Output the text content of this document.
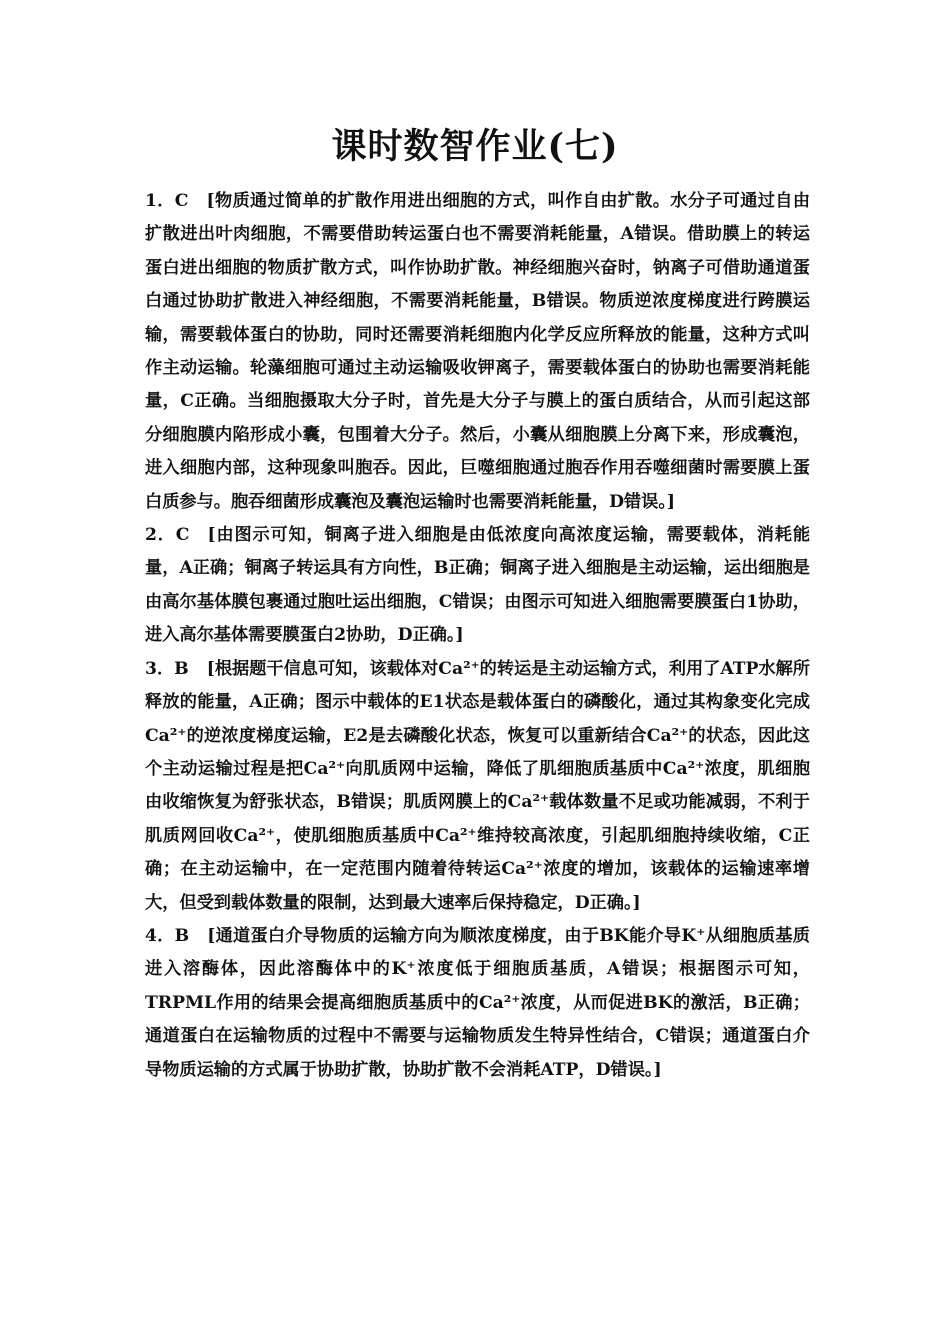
课时数智作业(七)

1．C [物质通过简单的扩散作用进出细胞的方式，叫作自由扩散。水分子可通过自由扩散进出叶肉细胞，不需要借助转运蛋白也不需要消耗能量，A错误。借助膜上的转运蛋白进出细胞的物质扩散方式，叫作协助扩散。神经细胞兴奋时，钠离子可借助通道蛋白通过协助扩散进入神经细胞，不需要消耗能量，B错误。物质逆浓度梯度进行跨膜运输，需要载体蛋白的协助，同时还需要消耗细胞内化学反应所释放的能量，这种方式叫作主动运输。轮藻细胞可通过主动运输吸收钾离子，需要载体蛋白的协助也需要消耗能量，C正确。当细胞摄取大分子时，首先是大分子与膜上的蛋白质结合，从而引起这部分细胞膜内陷形成小囊，包围着大分子。然后，小囊从细胞膜上分离下来，形成囊泡，进入细胞内部，这种现象叫胞吞。因此，巨噬细胞通过胞吞作用吞噬细菌时需要膜上蛋白质参与。胞吞细菌形成囊泡及囊泡运输时也需要消耗能量，D错误。]

2．C [由图示可知，铜离子进入细胞是由低浓度向高浓度运输，需要载体，消耗能量，A正确；铜离子转运具有方向性，B正确；铜离子进入细胞是主动运输，运出细胞是由高尔基体膜包裹通过胞吐运出细胞，C错误；由图示可知进入细胞需要膜蛋白1协助，进入高尔基体需要膜蛋白2协助，D正确。]

3．B [根据题干信息可知，该载体对Ca²⁺的转运是主动运输方式，利用了ATP水解所释放的能量，A正确；图示中载体的E1状态是载体蛋白的磷酸化，通过其构象变化完成Ca²⁺的逆浓度梯度运输，E2是去磷酸化状态，恢复可以重新结合Ca²⁺的状态，因此这个主动运输过程是把Ca²⁺向肌质网中运输，降低了肌细胞质基质中Ca²⁺浓度，肌细胞由收缩恢复为舒张状态，B错误；肌质网膜上的Ca²⁺载体数量不足或功能减弱，不利于肌质网回收Ca²⁺，使肌细胞质基质中Ca²⁺维持较高浓度，引起肌细胞持续收缩，C正确；在主动运输中，在一定范围内随着待转运Ca²⁺浓度的增加，该载体的运输速率增大，但受到载体数量的限制，达到最大速率后保持稳定，D正确。]

4．B [通道蛋白介导物质的运输方向为顺浓度梯度，由于BK能介导K⁺从细胞质基质进入溶酶体，因此溶酶体中的K⁺浓度低于细胞质基质，A错误；根据图示可知，TRPML作用的结果会提高细胞质基质中的Ca²⁺浓度，从而促进BK的激活，B正确；通道蛋白在运输物质的过程中不需要与运输物质发生特异性结合，C错误；通道蛋白介导物质运输的方式属于协助扩散，协助扩散不会消耗ATP，D错误。]
